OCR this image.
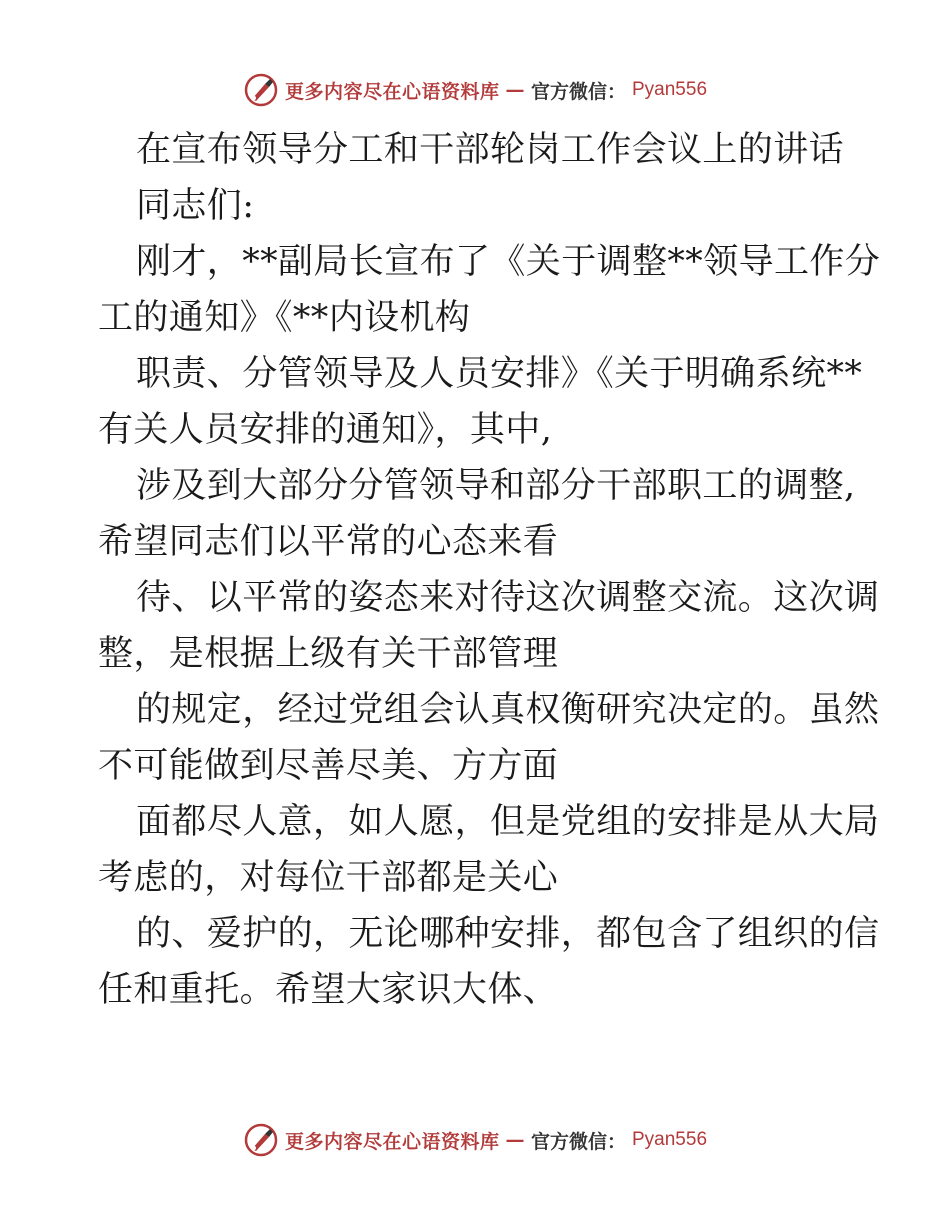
更多内容尽在心语资料库 — 官方微信： Pyan556
在宣布领导分工和干部轮岗工作会议上的讲话
同志们:
刚才，**副局长宣布了《关于调整**领导工作分
工的通知》《**内设机构
职责、分管领导及人员安排》《关于明确系统**
有关人员安排的通知》，其中,
涉及到大部分分管领导和部分干部职工的调整,
希望同志们以平常的心态来看
待、以平常的姿态来对待这次调整交流。这次调
整，是根据上级有关干部管理
的规定，经过党组会认真权衡研究决定的。虽然
不可能做到尽善尽美、方方面
面都尽人意，如人愿，但是党组的安排是从大局
考虑的，对每位干部都是关心
的、爱护的，无论哪种安排，都包含了组织的信
任和重托。希望大家识大体、
更多内容尽在心语资料库 — 官方微信： Pyan556
